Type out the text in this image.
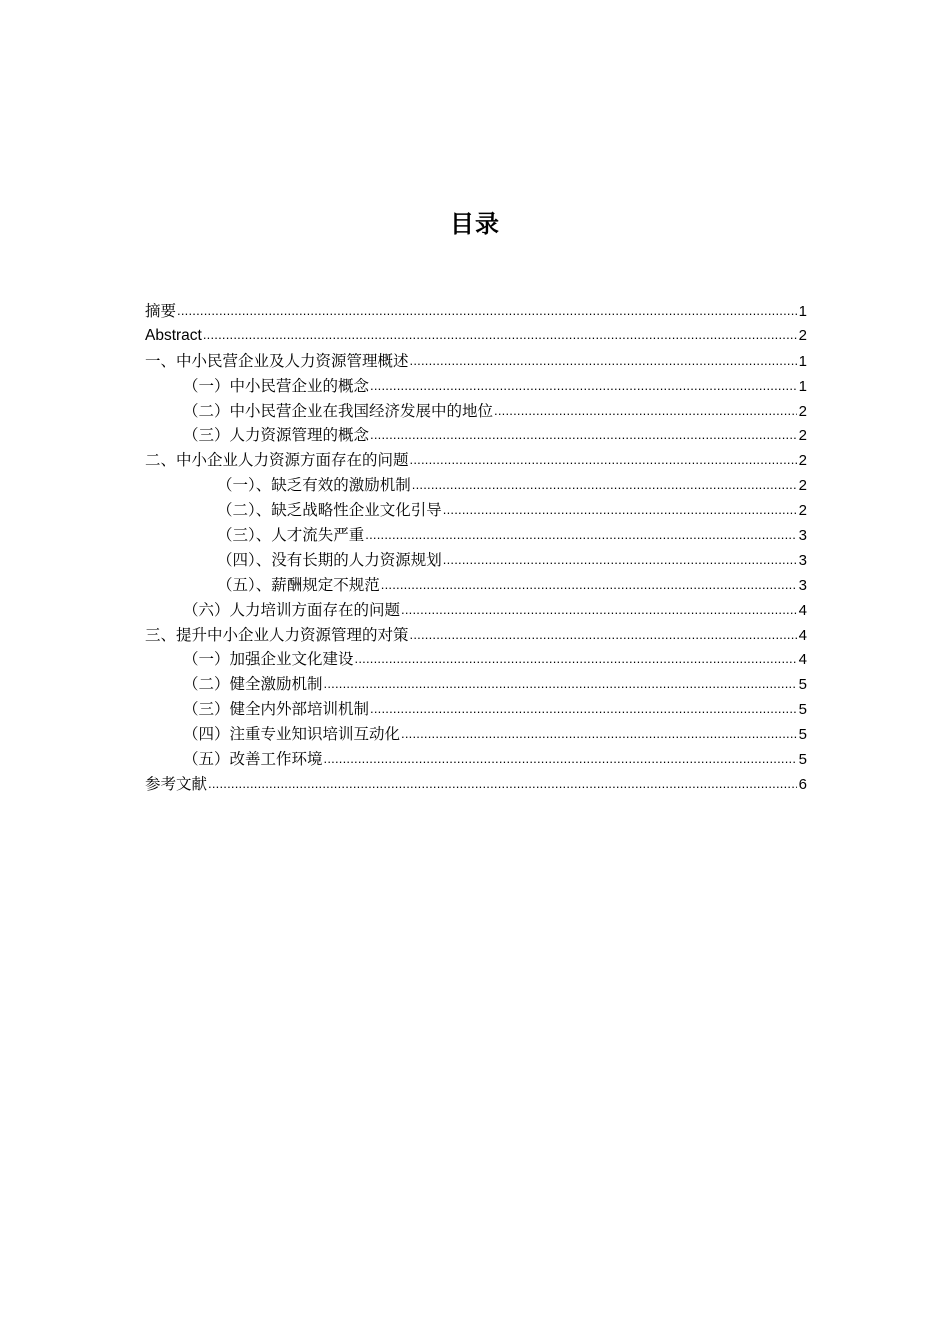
目录
摘要 .....	1
Abstract .....	2
一、中小民营企业及人力资源管理概述 .....	1
（一）中小民营企业的概念 .....	1
（二）中小民营企业在我国经济发展中的地位 .....	2
（三）人力资源管理的概念 .....	2
二、中小企业人力资源方面存在的问题 .....	2
（一）、缺乏有效的激励机制 .....	2
（二）、缺乏战略性企业文化引导 .....	2
（三）、人才流失严重 .....	3
（四）、没有长期的人力资源规划 .....	3
（五）、薪酬规定不规范 .....	3
（六）人力培训方面存在的问题 .....	4
三、提升中小企业人力资源管理的对策 .....	4
（一）加强企业文化建设 .....	4
（二）健全激励机制 .....	5
（三）健全内外部培训机制 .....	5
（四）注重专业知识培训互动化 .....	5
（五）改善工作环境 .....	5
参考文献 .....	6
